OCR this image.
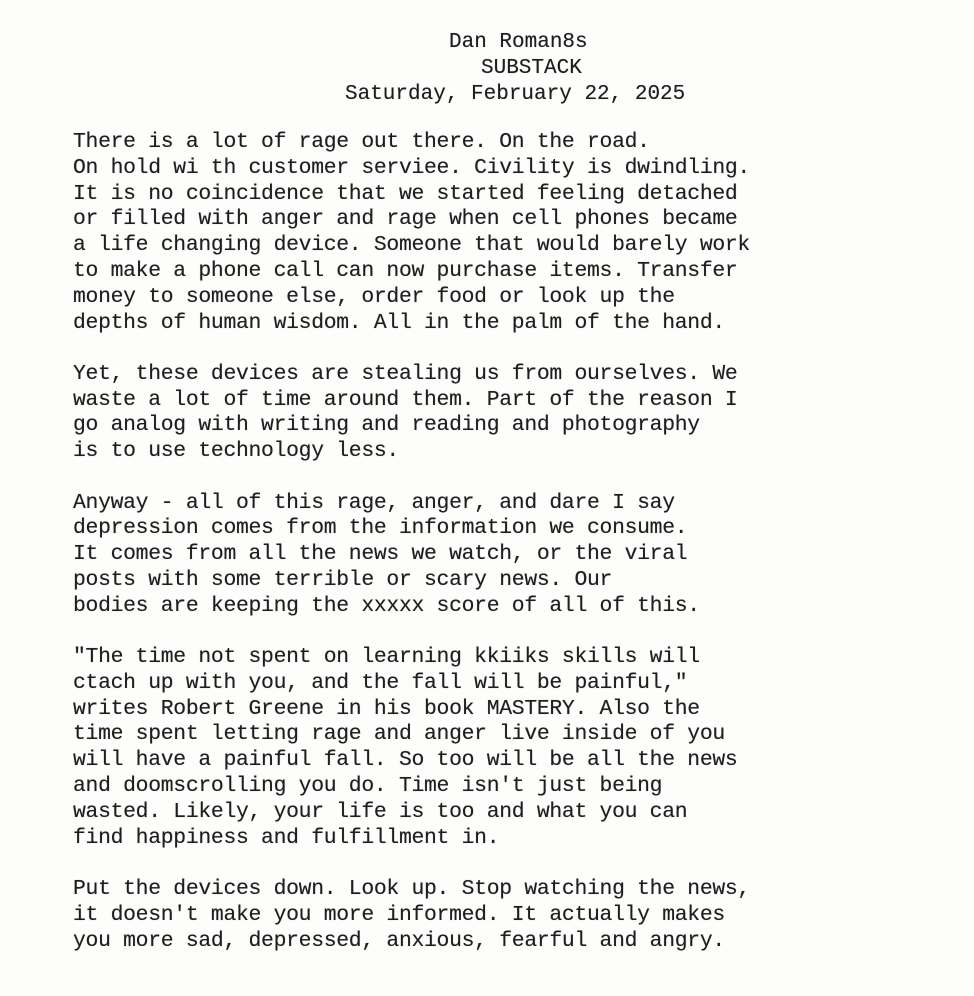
Dan Roman8s
SUBSTACK
Saturday, February 22, 2025
There is a lot of rage out there. On the road.
On hold wi th customer serviee. Civility is dwindling.
It is no coincidence that we started feeling detached
or filled with anger and rage when cell phones became
a life changing device. Someone that would barely work
to make a phone call can now purchase items. Transfer
money to someone else, order food or look up the
depths of human wisdom. All in the palm of the hand.
Yet, these devices are stealing us from ourselves. We
waste a lot of time around them. Part of the reason I
go analog with writing and reading and photography
is to use technology less.
Anyway - all of this rage, anger, and dare I say
depression comes from the information we consume.
It comes from all the news we watch, or the viral
posts with some terrible or scary news. Our
bodies are keeping the xxxxx score of all of this.
"The time not spent on learning kkiiks skills will
ctach up with you, and the fall will be painful,"
writes Robert Greene in his book MASTERY. Also the
time spent letting rage and anger live inside of you
will have a painful fall. So too will be all the news
and doomscrolling you do. Time isn't just being
wasted. Likely, your life is too and what you can
find happiness and fulfillment in.
Put the devices down. Look up. Stop watching the news,
it doesn't make you more informed. It actually makes
you more sad, depressed, anxious, fearful and angry.
